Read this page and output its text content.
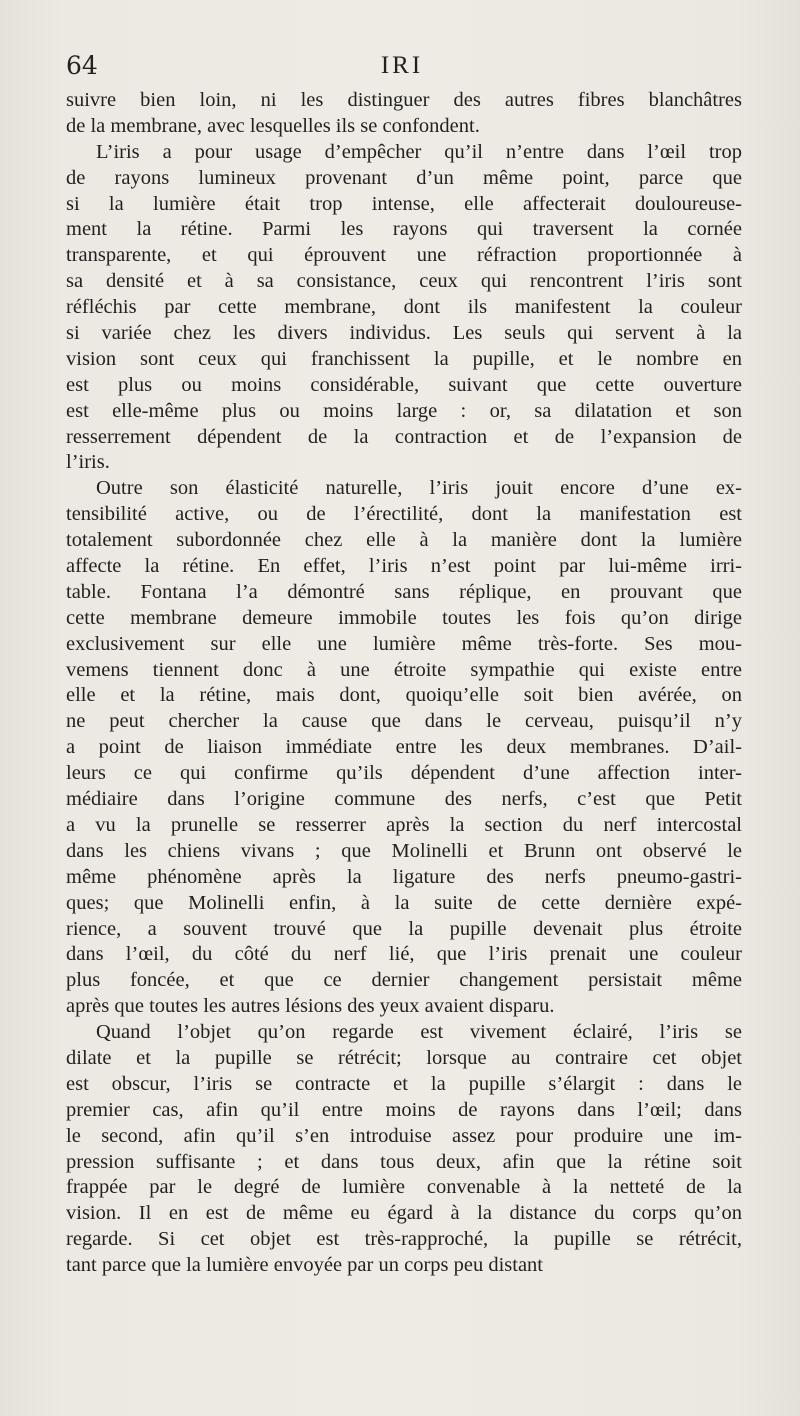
64	IRI
suivre bien loin, ni les distinguer des autres fibres blanchâtres
de la membrane, avec lesquelles ils se confondent.
L’iris a pour usage d’empêcher qu’il n’entre dans l’œil trop
de rayons lumineux provenant d’un même point, parce que
si la lumière était trop intense, elle affecterait douloureuse-
ment la rétine. Parmi les rayons qui traversent la cornée
transparente, et qui éprouvent une réfraction proportionnée à
sa densité et à sa consistance, ceux qui rencontrent l’iris sont
réfléchis par cette membrane, dont ils manifestent la couleur
si variée chez les divers individus. Les seuls qui servent à la
vision sont ceux qui franchissent la pupille, et le nombre en
est plus ou moins considérable, suivant que cette ouverture
est elle-même plus ou moins large : or, sa dilatation et son
resserrement dépendent de la contraction et de l’expansion de
l’iris.
Outre son élasticité naturelle, l’iris jouit encore d’une ex-
tensibilité active, ou de l’érectilité, dont la manifestation est
totalement subordonnée chez elle à la manière dont la lumière
affecte la rétine. En effet, l’iris n’est point par lui-même irri-
table. Fontana l’a démontré sans réplique, en prouvant que
cette membrane demeure immobile toutes les fois qu’on dirige
exclusivement sur elle une lumière même très-forte. Ses mou-
vemens tiennent donc à une étroite sympathie qui existe entre
elle et la rétine, mais dont, quoiqu’elle soit bien avérée, on
ne peut chercher la cause que dans le cerveau, puisqu’il n’y
a point de liaison immédiate entre les deux membranes. D’ail-
leurs ce qui confirme qu’ils dépendent d’une affection inter-
médiaire dans l’origine commune des nerfs, c’est que Petit
a vu la prunelle se resserrer après la section du nerf intercostal
dans les chiens vivans ; que Molinelli et Brunn ont observé le
même phénomène après la ligature des nerfs pneumo-gastri-
ques; que Molinelli enfin, à la suite de cette dernière expé-
rience, a souvent trouvé que la pupille devenait plus étroite
dans l’œil, du côté du nerf lié, que l’iris prenait une couleur
plus foncée, et que ce dernier changement persistait même
après que toutes les autres lésions des yeux avaient disparu.
Quand l’objet qu’on regarde est vivement éclairé, l’iris se
dilate et la pupille se rétrécit; lorsque au contraire cet objet
est obscur, l’iris se contracte et la pupille s’élargit : dans le
premier cas, afin qu’il entre moins de rayons dans l’œil; dans
le second, afin qu’il s’en introduise assez pour produire une im-
pression suffisante ; et dans tous deux, afin que la rétine soit
frappée par le degré de lumière convenable à la netteté de la
vision. Il en est de même eu égard à la distance du corps qu’on
regarde. Si cet objet est très-rapproché, la pupille se rétrécit,
tant parce que la lumière envoyée par un corps peu distant
